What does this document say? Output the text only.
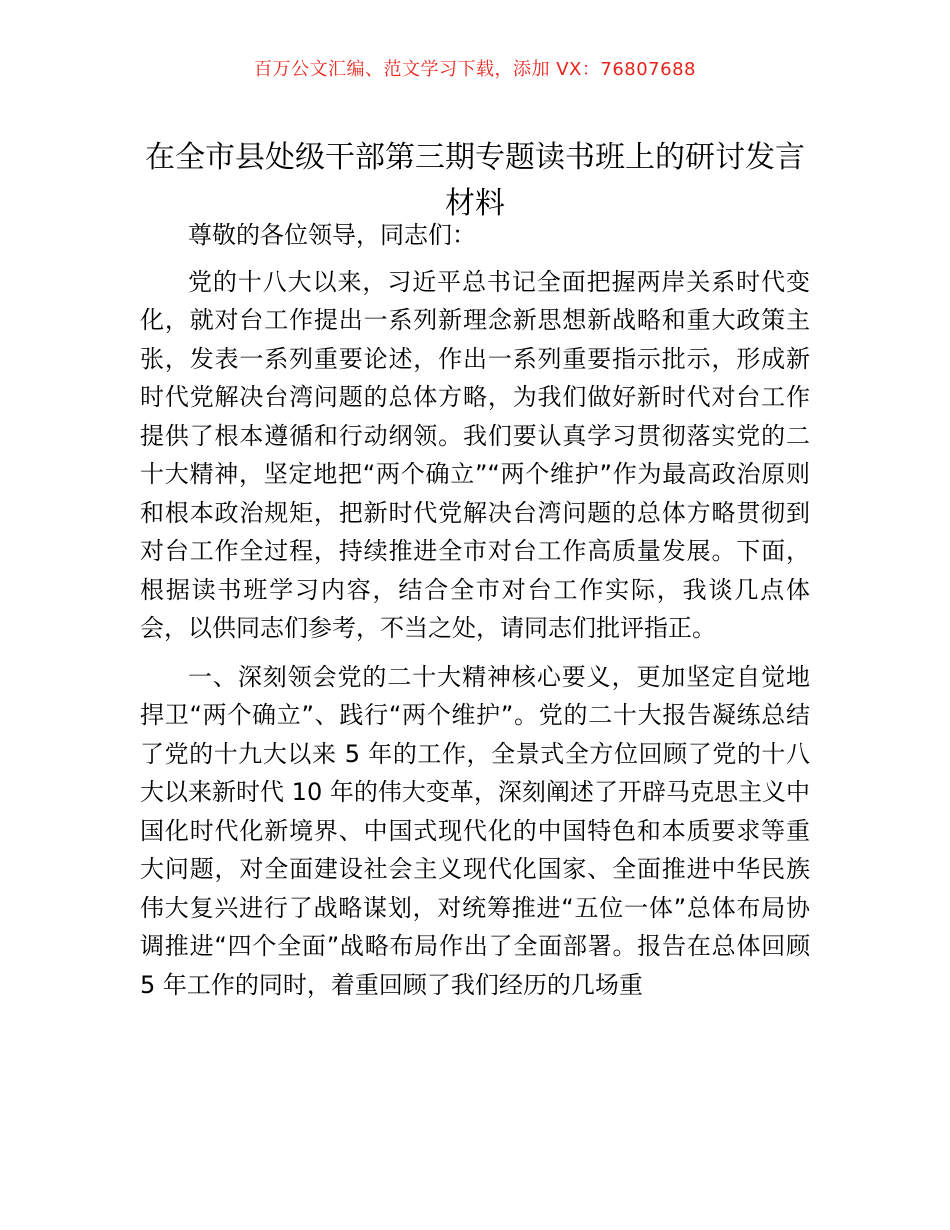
百万公文汇编、范文学习下载，添加 VX：76807688
在全市县处级干部第三期专题读书班上的研讨发言材料

尊敬的各位领导，同志们：

党的十八大以来，习近平总书记全面把握两岸关系时代变化，就对台工作提出一系列新理念新思想新战略和重大政策主张，发表一系列重要论述，作出一系列重要指示批示，形成新时代党解决台湾问题的总体方略，为我们做好新时代对台工作提供了根本遵循和行动纲领。我们要认真学习贯彻落实党的二十大精神，坚定地把“两个确立”“两个维护”作为最高政治原则和根本政治规矩，把新时代党解决台湾问题的总体方略贯彻到对台工作全过程，持续推进全市对台工作高质量发展。下面，根据读书班学习内容，结合全市对台工作实际，我谈几点体会，以供同志们参考，不当之处，请同志们批评指正。

一、深刻领会党的二十大精神核心要义，更加坚定自觉地捍卫“两个确立”、践行“两个维护”。党的二十大报告凝练总结了党的十九大以来 5 年的工作，全景式全方位回顾了党的十八大以来新时代 10 年的伟大变革，深刻阐述了开辟马克思主义中国化时代化新境界、中国式现代化的中国特色和本质要求等重大问题，对全面建设社会主义现代化国家、全面推进中华民族伟大复兴进行了战略谋划，对统筹推进“五位一体”总体布局协调推进“四个全面”战略布局作出了全面部署。报告在总体回顾 5 年工作的同时，着重回顾了我们经历的几场重
